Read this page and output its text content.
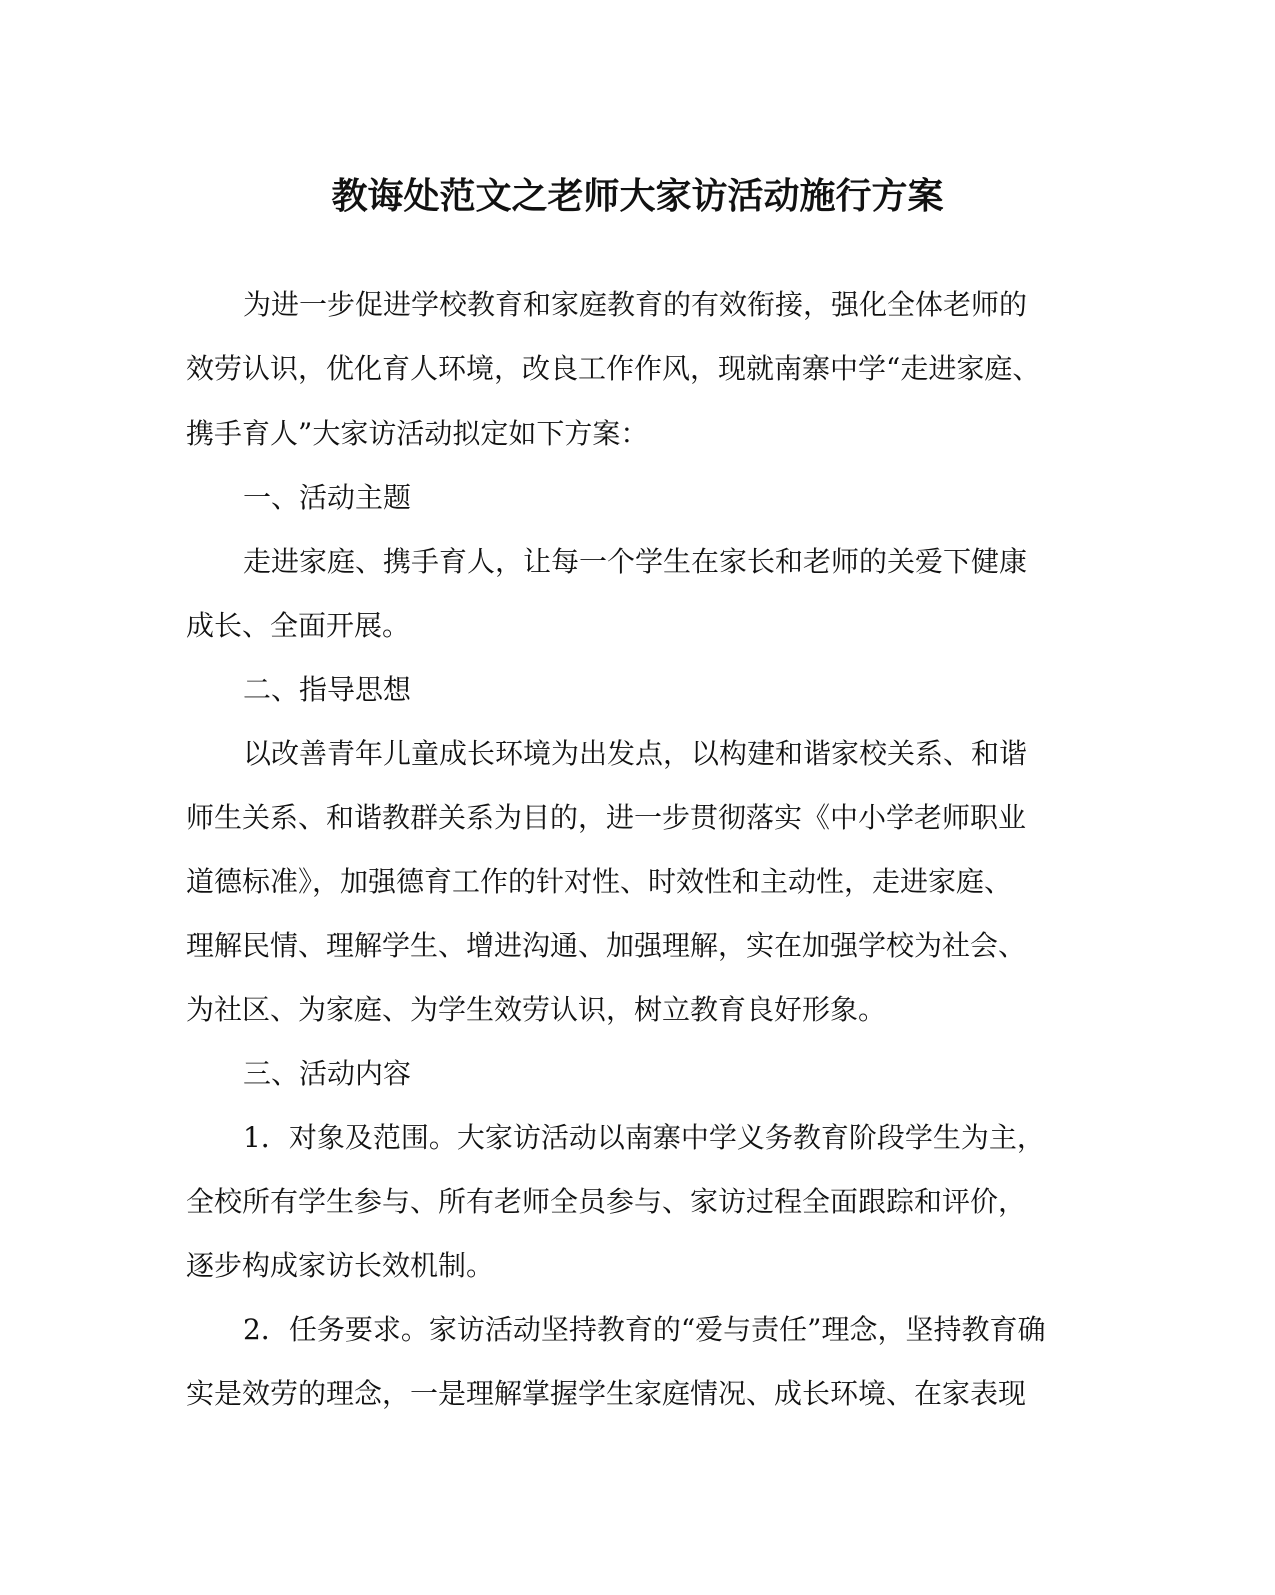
教诲处范文之老师大家访活动施行方案
为进一步促进学校教育和家庭教育的有效衔接，强化全体老师的
效劳认识，优化育人环境，改良工作作风，现就南寨中学“走进家庭、
携手育人”大家访活动拟定如下方案：
一、活动主题
走进家庭、携手育人，让每一个学生在家长和老师的关爱下健康
成长、全面开展。
二、指导思想
以改善青年儿童成长环境为出发点，以构建和谐家校关系、和谐
师生关系、和谐教群关系为目的，进一步贯彻落实《中小学老师职业
道德标准》，加强德育工作的针对性、时效性和主动性，走进家庭、
理解民情、理解学生、增进沟通、加强理解，实在加强学校为社会、
为社区、为家庭、为学生效劳认识，树立教育良好形象。
三、活动内容
1．对象及范围。大家访活动以南寨中学义务教育阶段学生为主，
全校所有学生参与、所有老师全员参与、家访过程全面跟踪和评价，
逐步构成家访长效机制。
2．任务要求。家访活动坚持教育的“爱与责任”理念，坚持教育确
实是效劳的理念，一是理解掌握学生家庭情况、成长环境、在家表现
